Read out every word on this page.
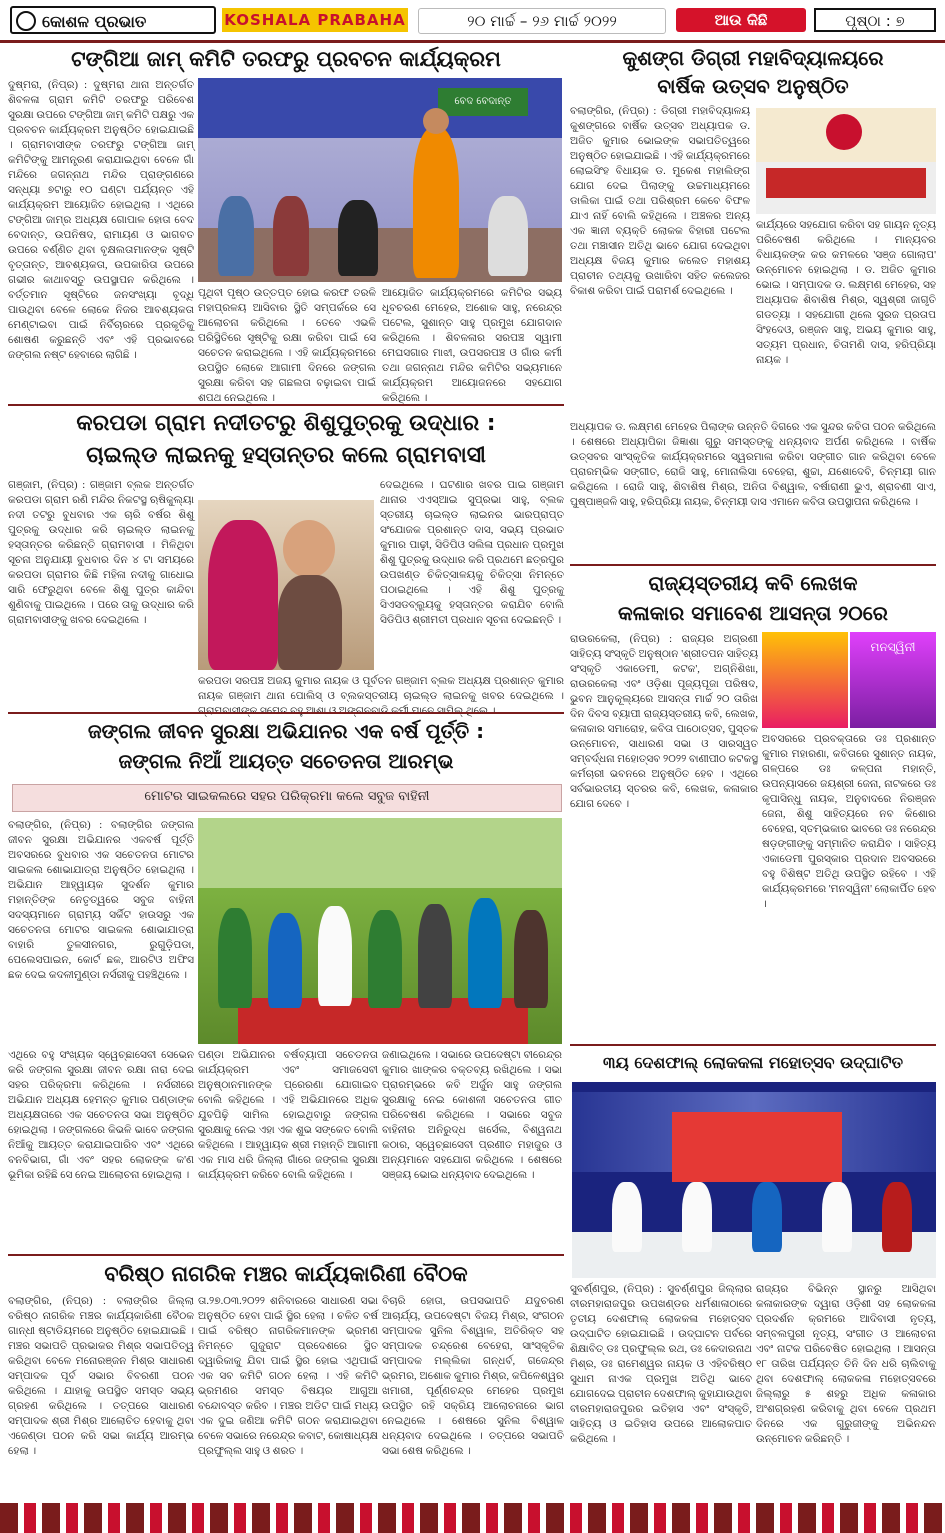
କୋଶଳ ପ୍ରଭାତ	KOSHALA PRABAHA	୨୦ ମାର୍ଚ୍ଚ – ୨୬ ମାର୍ଚ୍ଚ ୨୦୨୨	ଆଉ କିଛି	ପୃଷ୍ଠା : ୭
ଟଙ୍ଗିଆ ଜାମ୍ କମିଟି ତରଫରୁ ପ୍ରବଚନ କାର୍ଯ୍ୟକ୍ରମ
ଦୁଷ୍ମରା, (ନିପ୍ର) : ଦୁଷ୍ମରା ଥାନା ଅନ୍ତର୍ଗତ ଶିବଳଳା ଗ୍ରାମ କମିଟି ତରଫରୁ ପରିବେଶ ସୁରକ୍ଷା ଉପରେ ଟଙ୍ଗିଆ ଜାମ୍ କମିଟି ପକ୍ଷରୁ ଏକ ପ୍ରବଚନ କାର୍ଯ୍ୟକ୍ରମ ଅନୁଷ୍ଠିତ ହୋଇଯାଇଛି । ଗ୍ରାମବାସୀଙ୍କ ତରଫରୁ ଟଙ୍ଗିଆ ଜାମ୍ କମିଟିଙ୍କୁ ଆମନ୍ତ୍ରଣ କରାଯାଇଥିବା ବେଳେ ଗାଁ ମନ୍ଦିରେ ଜଗନ୍ନାଥ ମନ୍ଦିର ପ୍ରାଙ୍ଗଣରେ ସନ୍ଧ୍ୟା ୭ଟାରୁ ୧୦ ଘଣ୍ଟା ପର୍ଯ୍ୟନ୍ତ ଏହି କାର୍ଯ୍ୟକ୍ରମ ଆୟୋଜିତ ହୋଇଥିଲା । ଏଥିରେ ଟଙ୍ଗିଆ ଜାମ୍‌ର ଅଧ୍ୟକ୍ଷ ଗୋପାଳ ହୋତା ବେଦ ବେଦାନ୍ତ, ଉପନିଷଦ, ରାମାୟଣ ଓ ଭାଗବତ ଉପରେ ବର୍ଣ୍ଣିତ ଥିବା ବୃକ୍ଷଲତାମାନଙ୍କ ସୃଷ୍ଟି ବୃତ୍ତାନ୍ତ, ଆବଶ୍ୟକତା, ଉପକାରିତା ଉପରେ ଗଭୀର କାଥାବସ୍ତୁ ଉପସ୍ଥାପନ କରିଥିଲେ । ବର୍ତ୍ତମାନ ସୃଷ୍ଟିରେ ଜନସଂଖ୍ୟା ବୃଦ୍ଧି ପାଉଥିବା ବେଳେ ଲୋକେ ନିଜର ଆବଶ୍ୟକତା ମେଣ୍ଟାଇବା ପାଇଁ ନିର୍ବିଚାରରେ ପ୍ରକୃତିକୁ ଶୋଷଣ କରୁଛନ୍ତି ଏବଂ ଏହି ପ୍ରଭାବରେ ଜଙ୍ଗଲ ନଷ୍ଟ ହେବାରେ ଲାଗିଛି ।
ବେଦ ବେଦାନ୍ତ
ପୃଥିବୀ ପୃଷ୍ଠ ଉତ୍ତପ୍ତ ହୋଇ କରଫ ତରଳି ମହାପ୍ରଳୟ ଆସିବାର ସ୍ଥିତି ସମ୍ପର୍କରେ ସେ ଆଲୋଚନା କରିଥିଲେ । ତେବେ ଏଭଳି ପରିସ୍ଥିତିରେ ସୃଷ୍ଟିକୁ ରକ୍ଷା କରିବା ପାଇଁ ସେ ସଚେତନ କରାଇଥିଲେ । ଏହି କାର୍ଯ୍ୟକ୍ରମରେ ଉପସ୍ଥିତ ଲୋକେ ଆଗାମୀ ଦିନରେ ଜଙ୍ଗଲ ସୁରକ୍ଷା କରିବା ସହ ଗଛଲତା ବଢ଼ାଇବା ପାଇଁ ଶପଥ ନେଇଥିଲେ ।
ଆୟୋଜିତ କାର୍ଯ୍ୟକ୍ରମରେ କମିଟିର ସଭ୍ୟ ଧୂବଚରଣ ମେହେର, ଅଶୋକ ସାହୁ, ନରେନ୍ଦ୍ର ପଟେଲ, ସୁଶାନ୍ତ ସାହୁ ପ୍ରମୁଖ ଯୋଗଦାନ କରିଥିଲେ । ଶିବଳଳାର ସରପଞ୍ଚ ସ୍ୱାମୀ ମେଘସଗାର ମାଝୀ, ଉପସରପଞ୍ଚ ଓ ଗାଁର କର୍ମୀ ତଥା ଜଗନ୍ନାଥ ମନ୍ଦିର କମିଟିର ସଭ୍ୟମାନେ କାର୍ଯ୍ୟକ୍ରମ ଆୟୋଜନରେ ସହଯୋଗ କରିଥିଲେ ।
କୁଶଙ୍ଗ ଡିଗ୍ରୀ ମହାବିଦ୍ୟାଳୟରେ
ବାର୍ଷିକ ଉତ୍ସବ ଅନୁଷ୍ଠିତ
ବଲାଙ୍ଗିର, (ନିପ୍ର) : ଡିଗ୍ରୀ ମହାବିଦ୍ୟାଳୟ କୁଶଙ୍ଗରେ ବାର୍ଷିକ ଉତ୍ସବ ଅଧ୍ୟାପକ ଡ. ଅଜିତ କୁମାର ଭୋଇଙ୍କ ସଭାପତିତ୍ୱରେ ଅନୁଷ୍ଠିତ ହୋଇଯାଇଛି । ଏହି କାର୍ଯ୍ୟକ୍ରମରେ ଲୋଇସିଂହ ବିଧାୟକ ଡ. ମୁକେଶ ମହାଲିଙ୍ଗ ଯୋଗ ଦେଇ ପିଲାଙ୍କୁ ଉଚ୍ଚମାଧ୍ୟମରେ ଡାଲିକା ପାଇଁ ତଥା ପରିଶ୍ରମ କେବେ ବିଫଳ ଯାଏ ନାହିଁ ବୋଲି କହିଥିଲେ । ଅଞ୍ଚଳର ଅନ୍ୟ ଏକ ଜ୍ଞାନୀ ବ୍ୟକ୍ତି ଲୋକକ ବିହାରୀ ପଟେଲ ତଥା ମଞ୍ଚାସୀନ ଅତିଥି ଭାବେ ଯୋଗ ଦେଇଥିବା ଅଧ୍ୟକ୍ଷ ବିଜୟ କୁମାର କଲେତ ମହାଶୟ ପ୍ରାଚୀନ ତଥ୍ୟକୁ ଉଖାରିବା ସହିତ କଲେଜର ବିକାଶ କରିବା ପାଇଁ ପରାମର୍ଶ ଦେଇଥିଲେ ।
କାର୍ଯ୍ୟରେ ସହଯୋଗ କରିବା ସହ ଗାୟନ ନୃତ୍ୟ ପରିବେଷଣ କରିଥିଲେ । ମାନ୍ୟବର ବିଧାୟକଙ୍କ କର କମଳରେ 'ସଞ୍ଜ ଗୋଲାପ' ଉନ୍ମୋଚନ ହୋଇଥିଲା । ଡ. ଅଜିତ କୁମାର ଭୋଇ । ସମ୍ପାଦକ ଡ. ଲକ୍ଷ୍ମଣ ମେହେର, ସହ ଅଧ୍ୟାପକ ଶିବାଶିଷ ମିଶ୍ର, ସ୍ୱଶ୍ରୀ ଜାଗୃତି ଗଡତ୍ୟା । ସହଯୋଗୀ ଥିଲେ ସୁରଜ ପ୍ରତାପ ସିଂହଦେଓ, ରଞ୍ଜନ ସାହୁ, ଅଭୟ କୁମାର ସାହୁ, ସତ୍ୟମ ପ୍ରଧାନ, ଚିତାମଣି ଦାସ, ହରିପ୍ରିୟା ନାୟକ ।
ଅଧ୍ୟାପକ ଡ. ଲକ୍ଷ୍ମଣ ମେହେର ପିଲାଙ୍କ ଉନ୍ନତି ଦିଗରେ ଏକ ସୁନ୍ଦର କବିତା ପଠନ କରିଥିଲେ । ଶେଷରେ ଅଧ୍ୟାପିକା ଜିଜ୍ଞାଶା ଗୁରୁ ସମସ୍ତଙ୍କୁ ଧନ୍ୟବାଦ ଅର୍ପଣ କରିଥିଲେ । ବାର୍ଷିକ ଉତ୍ସବର ସାଂସ୍କୃତିକ କାର୍ଯ୍ୟକ୍ରମରେ ସ୍ୱରମାଳା କରିବା ସଙ୍ଗୀତ ଗାନ କରିଥିବା ବେଳେ ପ୍ରାରମ୍ଭିକ ସଙ୍ଗୀତ, ରୋଜି ସାହୁ, ମୋନାଲିସା ବେହେରା, ଶୁଚ୍ଚା, ଯଶୋଦେବି, ଚିନ୍ମୟୀ ଗାନ କରିଥିଲେ । ରୋଜି ସାହୁ, ଶିବାଶିଷ ମିଶ୍ର, ଅନିତା ବିଶ୍ୱାଳ, ବର୍ଷାରାଣୀ ଭୁଏ, ଶ୍ରାବଣୀ ସାଏ, ପୁଷ୍ପାଞ୍ଜଳି ସାହୁ, ହରିପ୍ରିୟା ନାୟକ, ଚିନ୍ମୟୀ ଦାସ ଏମାନେ କବିତା ଉପସ୍ଥାପନା କରିଥିଲେ ।
କରପଡା ଗ୍ରାମ ନଦୀତଟରୁ ଶିଶୁପୁତ୍ରକୁ ଉଦ୍ଧାର :
ଚାଇଲ୍ଡ ଲାଇନକୁ ହସ୍ତାନ୍ତର କଲେ ଗ୍ରାମବାସୀ
ଗଞ୍ଜାମ, (ନିପ୍ର) : ଗଞ୍ଜାମ ବ୍ଲକ ଅନ୍ତର୍ଗତ କରପଡା ଗ୍ରାମ ରଣି ମନ୍ଦିର ନିକଟସ୍ଥ ଋଷିକୁଲ୍ୟା ନଦୀ ତଟରୁ ବୁଧବାର ଏକ ଚାରି ବର୍ଷର ଶିଶୁ ପୁତ୍ରକୁ ଉଦ୍ଧାର କରି ଚାଇଲ୍ଡ ଲାଇନକୁ ହସ୍ତାନ୍ତର କରିଛନ୍ତି ଗ୍ରାମବାସୀ । ମିଳିଥିବା ସୂଚନା ଅନୁଯାୟୀ ବୁଧବାର ଦିନ ୪ ଟା ସମୟରେ କରପଡା ଗ୍ରାମର କିଛି ମହିଳା ନଦୀକୁ ଗାଧୋଇ ସାରି ଫେରୁଥିବା ବେଳେ ଶିଶୁ ପୁତ୍ର କାନ୍ଦିବା ଶୁଣିବାକୁ ପାଇଥିଲେ । ପରେ ତାକୁ ଉଦ୍ଧାର କରି ଗ୍ରାମବାସୀଙ୍କୁ ଖବର ଦେଇଥିଲେ ।
ଦେଇଥିଲେ । ଘଟଣାର ଖବର ପାଇ ଗଞ୍ଜାମ ଥାନାର ଏଏସ୍‌ଆଇ ସୁପ୍ରଭା ସାହୁ, ବ୍ଲକ ସ୍ତରୀୟ ଚାଇଲ୍ଡ ଲାଇନର ଭାରପ୍ରାପ୍ତ ସଂଯୋଜକ ପ୍ରଶାନ୍ତ ଦାସ, ସଭ୍ୟ ପ୍ରଭାତ କୁମାର ପାଢ଼ୀ, ସିଡିପିଓ ସଲିଳା ପ୍ରଧାନ ପ୍ରମୁଖ ଶିଶୁ ପୁତ୍ରକୁ ଉଦ୍ଧାର କରି ପ୍ରଥମେ ଛତ୍ରପୁର ଉପଖଣ୍ଡ ଚିକିତ୍ସାଳୟକୁ ଚିକିତ୍ସା ନିମନ୍ତେ ପଠାଇଥିଲେ । ଏହି ଶିଶୁ ପୁତ୍ରକୁ ସିଏସଡବ୍ଲ୍ୟୁକୁ ହସ୍ତାନ୍ତର କରାଯିବ ବୋଲି ସିଡିପିଓ ଶ୍ରୀମତୀ ପ୍ରଧାନ ସୂଚନା ଦେଇଛନ୍ତି ।
କରପଡା ସରପଞ୍ଚ ଅଜୟ କୁମାର ନାୟକ ଓ ପୂର୍ବତନ ଗଞ୍ଜାମ ବ୍ଲକ ଅଧ୍ୟକ୍ଷ ପ୍ରଶାନ୍ତ କୁମାର ନାୟକ ଗଞ୍ଜାମ ଥାନା ପୋଲିସ୍ ଓ ବ୍ଲକସ୍ତରୀୟ ଚାଇଲ୍ଡ ଲାଇନକୁ ଖବର ଦେଇଥିଲେ ।
ରାଜ୍ୟସ୍ତରୀୟ କବି ଲେଖକ
କଳାକାର ସମାବେଶ ଆସନ୍ତା ୨୦ରେ
ରାଉରକେଲା, (ନିପ୍ର) : ରାଜ୍ୟର ଅଗ୍ରଣୀ ସାହିତ୍ୟ ସଂସ୍କୃତି ଅନୁଷ୍ଠାନ 'ଶ୍ରୀତପନ ସାହିତ୍ୟ ସଂସ୍କୃତି ଏକାଡେମୀ, କଟକ', ଅଗ୍ନିଶିଖା, ରାଉରକେଲା ଏବଂ ଓଡ଼ିଶା ପୂଜ୍ୟପୂଜା ପରିଷଦ, ଭୁବନ ଆନୁକୂଲ୍ୟରେ ଆସନ୍ତା ମାର୍ଚ୍ଚ ୨୦ ତାରିଖ ଦିନ ଦିବସ ବ୍ୟାପୀ ରାଜ୍ୟସ୍ତରୀୟ କବି, ଲେଖକ, କଳାକାର ସମାରୋହ, କବିତା ପାଠୋତ୍ସବ, ପୁସ୍ତକ ଉନ୍ମୋଚନ, ସାଧାରଣ ସଭା ଓ ସାରସ୍ୱତ ସମ୍ବର୍ଦ୍ଧନା ମହୋତ୍ସବ ୨୦୨୨ ବାଣୀପୀଠ କଟକସ୍ଥ କର୍ମଚାରୀ ଭବନରେ ଅନୁଷ୍ଠିତ ହେବ । ଏଥିରେ ସର୍ବଭାରତୀୟ ସ୍ତରର କବି, ଲେଖକ, କଳାକାର ଯୋଗ ଦେବେ ।
ମନସ୍ୱିନୀ
ଅବସରରେ ପ୍ରବକ୍ତାରେ ଡଃ ପ୍ରଶାନ୍ତ କୁମାର ମହାରଣା, କବିତାରେ ସୁଶାନ୍ତ ନାୟକ, ଗଳ୍ପରେ ଡଃ କଳ୍ପନା ମହାନ୍ତି, ଉପନ୍ୟାସରେ ଜୟଶ୍ରୀ ଜେନା, ନାଟକରେ ଡଃ କୃପାସିନ୍ଧୁ ନାୟକ, ଅନୁବାଦରେ ନିରଞ୍ଜନ ଜେନା, ଶିଶୁ ସାହିତ୍ୟରେ ନବ କିଶୋର ବେହେରା, ସ୍ତମ୍ଭକାର ଭାବରେ ଡଃ ନରେନ୍ଦ୍ର ଷଡ଼ଙ୍ଗୀଙ୍କୁ ସମ୍ମାନିତ କରାଯିବ । ସାହିତ୍ୟ ଏକାଡେମୀ ପୁରସ୍କାର ପ୍ରଦାନ ଅବସରରେ ବହୁ ବିଶିଷ୍ଟ ଅତିଥି ଉପସ୍ଥିତ ରହିବେ । ଏହି କାର୍ଯ୍ୟକ୍ରମରେ 'ମନସ୍ୱିନୀ' ଲୋକାର୍ପିତ ହେବ ।
ଜଙ୍ଗଲ ଜୀବନ ସୁରକ୍ଷା ଅଭିଯାନର ଏକ ବର୍ଷ ପୂର୍ତ୍ତି :
ଜଙ୍ଗଲ ନିଆଁ ଆୟତ୍ତ ସଚେତନତା ଆରମ୍ଭ
ମୋଟର ସାଇକଲରେ ସହର ପରିକ୍ରମା କଲେ ସବୁଜ ବାହିନୀ
ବଲାଙ୍ଗିର, (ନିପ୍ର) : ବଲାଙ୍ଗିର ଜଙ୍ଗଲ ଜୀବନ ସୁରକ୍ଷା ଅଭିଯାନର ଏକବର୍ଷ ପୂର୍ତ୍ତି ଅବସରରେ ବୁଧବାର ଏକ ସଚେତନତା ମୋଟର ସାଇକଲ ଶୋଭାଯାତ୍ରା ଅନୁଷ୍ଠିତ ହୋଇଥିଲା । ଅଭିଯାନ ଆହ୍ୱାୟକ ସୁଦର୍ଶନ କୁମାର ମହାନ୍ତିଙ୍କ ନେତୃତ୍ୱରେ ସବୁଜ ବାହିନୀ ସଦସ୍ୟମାନେ ଗ୍ରାମ୍ୟ ସର୍କିଟ ହାଉସରୁ ଏକ ସଚେତନତା ମୋଟର ସାଇକଲ ଶୋଭାଯାତ୍ରା ବାହାରି ତୁଳସୀନଗର, ରୁଗୁଡ଼ିପଡା, ପେଲେସପାଇନ, କୋର୍ଟ ଛକ, ଆରଟିଓ ଅଫିସ ଛକ ଦେଇ କଦଳୀମୁଣ୍ଡା ନର୍ସରୀକୁ ପହଞ୍ଚିଥିଲେ ।
ଏଥିରେ ବହୁ ସଂଖ୍ୟକ ସ୍ୱେଚ୍ଛାସେବୀ ସେଭେନ କରି ଜଙ୍ଗଲ ସୁରକ୍ଷା ଜୀବନ ରକ୍ଷା ନାରା ଦେଇ ସହର ପରିକ୍ରମା କରିଥିଲେ । ନର୍ସରୀରେ ଅଭିଯାନ ଅଧ୍ୟକ୍ଷ ହେମନ୍ତ କୁମାର ପଣ୍ଡାଙ୍କ ଅଧ୍ୟକ୍ଷତାରେ ଏକ ସଚେତନତା ସଭା ଅନୁଷ୍ଠିତ ହୋଇଥିଲା । ଜଙ୍ଗଲରେ କିଭଳି ଭାବେ ଜଙ୍ଗଲ ନିଆଁକୁ ଆୟତ୍ତ କରାଯାଇପାରିବ ଏବଂ ଏଥିରେ ବନବିଭାଗ, ଗାଁ ଏବଂ ସହର ଲୋକଙ୍କ କ'ଣ ଭୂମିକା ରହିଛି ସେ ନେଇ ଆଲୋଚନା ହୋଇଥିଲା ।
ପଣ୍ଡା ଅଭିଯାନର ବର୍ଷବ୍ୟାପୀ ସଚେତନତା କାର୍ଯ୍ୟକ୍ରମ ଏବଂ ସମାଜସେବୀ ଅନୁଷ୍ଠାନମାନଙ୍କ ପ୍ରେରଣା ଯୋଗାଇବ ବୋଲି କହିଥିଲେ । ଏହି ଅଭିଯାନରେ ଅଧିକ ଯୁବପିଢ଼ି ସାମିଲ ହୋଇଥିବାରୁ ଜଙ୍ଗଲ ସୁରକ୍ଷାକୁ ନେଇ ଏହା ଏକ ଶୁଭ ସଙ୍କେତ ବୋଲି କହିଥିଲେ । ଆହ୍ୱାୟକ ଶ୍ରୀ ମହାନ୍ତି ଆଗାମୀ ଏକ ମାସ ଧରି ଜିଲ୍ଲା ଗାଁରେ ଜଙ୍ଗଲ ସୁରକ୍ଷା କାର୍ଯ୍ୟକ୍ରମ କରିବେ ବୋଲି କହିଥିଲେ ।
ଜଣାଇଥିଲେ । ସଭାରେ ଉପଦେଷ୍ଟା ବୀରେନ୍ଦ୍ର କୁମାର ଖାଙ୍କର ବକ୍ତବ୍ୟ ରଖିଥିଲେ । ସଭା ପ୍ରାରମ୍ଭରେ କବି ଅର୍ଜୁନ ସାହୁ ଜଙ୍ଗଲ ସୁରକ୍ଷାକୁ ନେଇ କୋଶଳୀ ସଚେତନତା ଗୀତ ପରିବେଷଣ କରିଥିଲେ । ସଭାରେ ସବୁଜ ବାହିନୀର ଅନିରୁଦ୍ଧ ଖର୍ସେଲ, ବିଶ୍ୱନାଥ କଠାର, ସ୍ୱେଚ୍ଛାସେବୀ ପ୍ରଣୀତ ମହାଜୁର ଓ ଅନ୍ୟମାନେ ସହଯୋଗ କରିଥିଲେ । ଶେଷରେ ସଞ୍ଜୟ ଭୋଇ ଧନ୍ୟବାଦ ଦେଇଥିଲେ ।
୩ୟ ଦେଶଫାଲ୍ ଲୋକକଳା ମହୋତ୍ସବ ଉଦ୍‌ଘାଟିତ
ସୁବର୍ଣ୍ଣପୁର, (ନିପ୍ର) : ସୁବର୍ଣ୍ଣପୁର ଜିଲ୍ଲାର ବୀରମହାରାଜପୁର ଉପଖଣ୍ଡର ଧର୍ମଶାଳାଠାରେ ତୃତୀୟ ଦେଶଫାଲ୍ ଲୋକକଳା ମହୋତ୍ସବ ଉଦ୍‌ଘାଟିତ ହୋଇଯାଇଛି । ଉଦ୍‌ଘାଟନ ପର୍ବରେ ଶିକ୍ଷାବିତ୍ ଡଃ ପ୍ରଫୁଲ୍ଲ ରଥ, ଡଃ କେଦାରନାଥ ମିଶ୍ର, ଡଃ ରାମେଶ୍ୱର ନାୟକ ଓ ଏହିବରିଷ୍ଠ ସୁଧାମ ନାଏକ ପ୍ରମୁଖ ଅତିଥି ଭାବେ ଯୋଗଦେଇ ପ୍ରାଚୀନ ଦେଶଫାଲ୍ କୁହାଯାଉଥିବା ବୀରମହାରାଜପୁରର ଇତିହାସ ଏବଂ ସଂସ୍କୃତି, ସାହିତ୍ୟ ଓ ଇତିହାସ ଉପରେ ଆଲୋକପାତ କରିଥିଲେ ।
ରାଜ୍ୟର ବିଭିନ୍ନ ସ୍ଥାନରୁ ଆସିଥିବା କଳାକାରଙ୍କ ଦ୍ୱାରା ଓଡ଼ିଶୀ ସହ ଲୋକକଳା ପ୍ରଦର୍ଶନ କ୍ରମରେ ଆଦିବାସୀ ନୃତ୍ୟ, ସମ୍ବଲପୁରୀ ନୃତ୍ୟ, ସଂଗୀତ ଓ ଆଲୋଚନା ଏବଂ ନାଟକ ପରିବେଷିତ ହୋଇଥିଲା । ଆସନ୍ତା ୧୮ ତାରିଖ ପର୍ଯ୍ୟନ୍ତ ତିନି ଦିନ ଧରି ଚାଲିବାକୁ ଥିବା ଦେଶଫାଲ୍ ଲୋକକଳା ମହୋତ୍ସବରେ ଜିଲ୍ଲାରୁ ୫ ଶହରୁ ଅଧିକ କଳାକାର ଅଂଶଗ୍ରହଣ କରିବାକୁ ଥିବା ବେଳେ ପ୍ରଥମ ଦିନରେ ଏକ ଗୁରୁଜୀଙ୍କୁ ଅଭିନନ୍ଦନ ଉନ୍ମୋଚନ କରିଛନ୍ତି ।
ବରିଷ୍ଠ ନାଗରିକ ମଞ୍ଚର କାର୍ଯ୍ୟକାରିଣୀ ବୈଠକ
ବଲାଙ୍ଗିର, (ନିପ୍ର) : ବଲାଙ୍ଗିର ଜିଲ୍ଲା ବରିଷ୍ଠ ନାଗରିକ ମଞ୍ଚର କାର୍ଯ୍ୟକାରିଣୀ ବୈଠକ ଗାନ୍ଧୀ ଷ୍ଟାଡିୟମରେ ଅନୁଷ୍ଠିତ ହୋଇଯାଇଛି । ମଞ୍ଚର ସଭାପତି ପ୍ରଭାକର ମିଶ୍ର ସଭାପତିତ୍ୱ କରିଥିବା ବେଳେ ମନୋରଞ୍ଜନ ମିଶ୍ର ସାଧାରଣ ସମ୍ପାଦକ ପୂର୍ବ ସଭାର ବିବରଣୀ ପଠନ କରିଥିଲେ । ଯାହାକୁ ଉପସ୍ଥିତ ସମସ୍ତ ସଭ୍ୟ ଗ୍ରହଣ କରିଥିଲେ । ତତ୍ପରେ ସାଧାରଣ ସମ୍ପାଦକ ଶ୍ରୀ ମିଶ୍ର ଆଲୋଚିତ ହେବାକୁ ଥିବା ଏଜେଣ୍ଡା ପଠନ କରି ସଭା କାର୍ଯ୍ୟ ଆରମ୍ଭ ହେଲା ।
ତା.୨୭.୦୩.୨୦୨୨ ଶନିବାରରେ ସାଧାରଣ ସଭା ଅନୁଷ୍ଠିତ ହେବା ପାଇଁ ସ୍ଥିର ହେଲା । ଚଳିତ ବର୍ଷ ପାଇଁ ବରିଷ୍ଠ ନାଗରିକମାନଙ୍କ ଭ୍ରମଣ ନିମନ୍ତେ ଗୁଜୁରାଟ ପ୍ରଦେଶରେ ସ୍ଥିତ ଦ୍ୱାରିକାକୁ ଯିବା ପାଇଁ ସ୍ଥିର ହୋଇ ଏଥିପାଇଁ ଏକ ସବ କମିଟି ଗଠନ ହେଲା । ଏହି କମିଟି ଭ୍ରମଣର ସମସ୍ତ ବିଷୟର ଆଗୁଆ ବନ୍ଦୋବସ୍ତ କରିବ । ମଞ୍ଚର ଅଡିଟ ପାଇଁ ମଧ୍ୟ ଏକ ଦୁଇ ଜଣିଆ କମିଟି ଗଠନ କରାଯାଇଥିବା ବେଳେ ସଭାରେ ନରେନ୍ଦ୍ର କବାଟ, କୋଷାଧ୍ୟକ୍ଷ ପ୍ରଫୁଲ୍ଲ ସାହୁ ଓ ଶରତ ।
ବିଚାରି ହୋତା, ଉପସଭାପତି ଯଦୁଚରଣ ଆଚାର୍ଯ୍ୟ, ଉପଦେଷ୍ଟା ବିଜୟ ମିଶ୍ର, ସଂଗଠନ ସମ୍ପାଦକ ସୁନିଲ ବିଶ୍ୱାଳ, ଅତିରିକ୍ତ ସହ ସମ୍ପାଦକ ଚନ୍ଦ୍ରେଶ ବେହେରା, ସାଂସ୍କୃତିକ ସମ୍ପାଦକ ମଲ୍ଲିକା ଗନ୍ଧର୍ବ, ଗଜେନ୍ଦ୍ର ଭ୍ରମର, ଅଶୋକ କୁମାର ମିଶ୍ର, କପିଳେଶ୍ୱର ଖମାରୀ, ପୂର୍ଣ୍ଣଚନ୍ଦ୍ର ମେହେର ପ୍ରମୁଖ ଉପସ୍ଥିତ ରହି ସକ୍ରିୟ ଆଲୋଚନାରେ ଭାଗ ନେଇଥିଲେ । ଶେଷରେ ସୁନିଲ ବିଶ୍ୱାଳ ଧନ୍ୟବାଦ ଦେଇଥିଲେ । ତତ୍ପରେ ସଭାପତି ସଭା ଶେଷ କରିଥିଲେ ।
